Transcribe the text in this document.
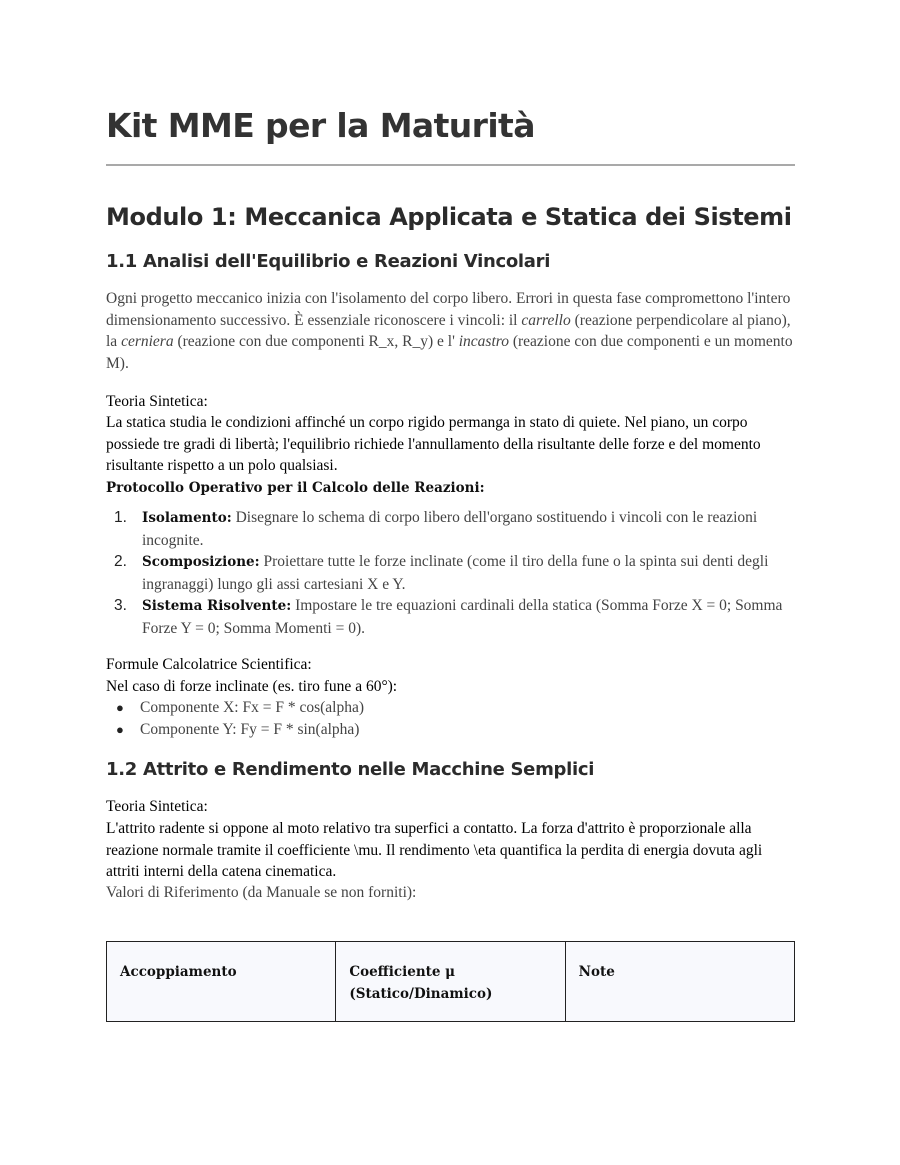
Kit MME per la Maturità
Modulo 1: Meccanica Applicata e Statica dei Sistemi
1.1 Analisi dell'Equilibrio e Reazioni Vincolari

Ogni progetto meccanico inizia con l'isolamento del corpo libero. Errori in questa fase compromettono l'intero dimensionamento successivo. È essenziale riconoscere i vincoli: il carrello (reazione perpendicolare al piano), la cerniera (reazione con due componenti R_x, R_y) e l' incastro (reazione con due componenti e un momento M).

Teoria Sintetica:

La statica studia le condizioni affinché un corpo rigido permanga in stato di quiete. Nel piano, un corpo possiede tre gradi di libertà; l'equilibrio richiede l'annullamento della risultante delle forze e del momento risultante rispetto a un polo qualsiasi.

Protocollo Operativo per il Calcolo delle Reazioni:

1. Isolamento: Disegnare lo schema di corpo libero dell'organo sostituendo i vincoli con le reazioni incognite.
2. Scomposizione: Proiettare tutte le forze inclinate (come il tiro della fune o la spinta sui denti degli ingranaggi) lungo gli assi cartesiani X e Y.
3. Sistema Risolvente: Impostare le tre equazioni cardinali della statica (Somma Forze X = 0; Somma Forze Y = 0; Somma Momenti = 0).

Formule Calcolatrice Scientifica:

Nel caso di forze inclinate (es. tiro fune a 60°):

● Componente X: Fx = F * cos(alpha)
● Componente Y: Fy = F * sin(alpha)
1.2 Attrito e Rendimento nelle Macchine Semplici

Teoria Sintetica:

L'attrito radente si oppone al moto relativo tra superfici a contatto. La forza d'attrito è proporzionale alla reazione normale tramite il coefficiente \mu. Il rendimento \eta quantifica la perdita di energia dovuta agli attriti interni della catena cinematica.

Valori di Riferimento (da Manuale se non forniti):

Accoppiamento	Coefficiente μ (Statico/Dinamico)	Note
